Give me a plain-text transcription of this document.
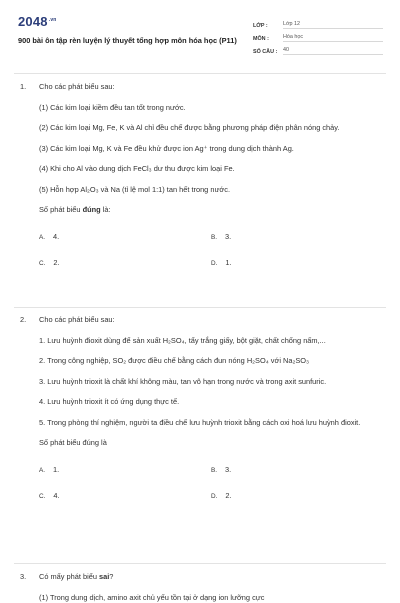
$2048^{.vn}$
900 bài ôn tập rèn luyện lý thuyết tổng hợp môn hóa học (P11)
LỚP :	Lớp 12
MÔN :	Hóa học
SỐ CÂU :	40
1. Cho các phát biểu sau:
(1) Các kim loại kiềm đều tan tốt trong nước.
(2) Các kim loại Mg, Fe, K và Al chỉ đều chế được bằng phương pháp điện phân nóng chảy.
(3) Các kim loại Mg, K và Fe đều khử được ion Ag⁺ trong dung dịch thành Ag.
(4) Khi cho Al vào dung dịch FeCl₃ dư thu được kim loại Fe.
(5) Hỗn hợp Al₂O₃ và Na (tỉ lệ mol 1:1) tan hết trong nước.
Số phát biểu đúng là:
A. 4.	B. 3.
C. 2.	D. 1.
2. Cho các phát biểu sau:
1. Lưu huỳnh đioxit dùng để sản xuất H₂SO₄, tẩy trắng giấy, bột giặt, chất chống nấm,...
2. Trong công nghiệp, SO₂ được điều chế bằng cách đun nóng H₂SO₄ với Na₂SO₃
3. Lưu huỳnh trioxit là chất khí không màu, tan vô hạn trong nước và trong axit sunfuric.
4. Lưu huỳnh trioxit ít có ứng dụng thực tế.
5. Trong phòng thí nghiệm, người ta điều chế lưu huỳnh trioxit bằng cách oxi hoá lưu huỳnh đioxit.
Số phát biểu đúng là
A. 1.	B. 3.
C. 4.	D. 2.
3. Có mấy phát biểu sai?
(1) Trong dung dịch, amino axit chủ yếu tồn tại ở dạng ion lưỡng cực
